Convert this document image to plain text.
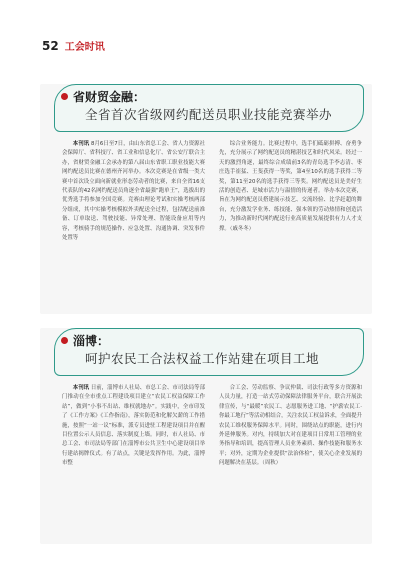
52 工会时讯
省财贸金融：
全省首次省级网约配送员职业技能竞赛举办

本刊讯 8月6日至7日，由山东省总工会、省人力资源社会保障厅、省科技厅、省工业和信息化厅、省公安厅联合主办，省财贸金融工会承办的第八届山东省职工职业技能大赛网约配送员比赛在德州齐河举办。本次竞赛是在省级一类大赛中首次设立面向新就业形态劳动者的比赛，来自全省16支代表队的42名网约配送员角逐全省最强“跑单王”，选拔出的优秀选手将参加全国竞赛。竞赛由理论考试和实操考核两部分组成，其中实操考核模拟外卖配送全过程，包括配送前准备、订单取送、驾驶技能、异常处理、智能设备应用等内容，考核骑手的规范操作、应急处置、沟通协调、突发事件处置等

综合业务能力。比赛过程中，选手们砥砺拼搏、奋勇争先，充分展示了网约配送员的精湛技艺和时代风采。经过一天的激烈角逐，最终综合成绩前3名的青岛选手李志清、枣庄选手崔猛、王斐获得一等奖，第4至10名的选手获得二等奖，第11至20名的选手获得三等奖。网约配送员是美好生活的创造者、是城市活力与温情的传递者。举办本次竞赛，旨在为网约配送员搭建展示技艺、交流经验、比学赶超的舞台，充分激发学业务、练技能、强本领的劳动热情和创造活力，为推动新时代网约配送行业高质量发展提供有力人才支撑。（戚冬冬）

淄博：
呵护农民工合法权益工作站建在项目工地

本刊讯 日前，淄博市人社局、市总工会、市司法局等部门推动在全市重点工程建设项目建立“农民工权益保障工作站”，做到“小事不出站、维权就地办”。实践中，全市印发了《工作方案》《工作指南》，落实防范和化解欠薪的工作措施，按照“一站一议”标准，派专员进驻工程建设项目并在醒目位置公示人员信息、落实制度上墙。同时，市人社局、市总工会、市司法局等部门在淄博市公共卫生中心建设项目举行建站揭牌仪式。有了站点，关键是发挥作用。为此，淄博市整

合工会、劳动监察、争议仲裁、司法行政等多方资源和人员力量，打造一站式劳动保障法律服务平台，联合开展法律宣传，与“最暖”农民工、志愿服务进工地、“护薪农民工·你最工地行”等活动相结合，关注农民工权益诉求，全面提升农民工维权服务保障水平。同时，围绕站点的职能，进行内外延伸服务。对内，持续加大对在建项目日常用工管理的业务指导和培训，提高管理人员业务素质、操作技能和服务水平；对外，定期为企业提供“法治体检”，使关心企业发展的问题解决在基层。（周秋）
